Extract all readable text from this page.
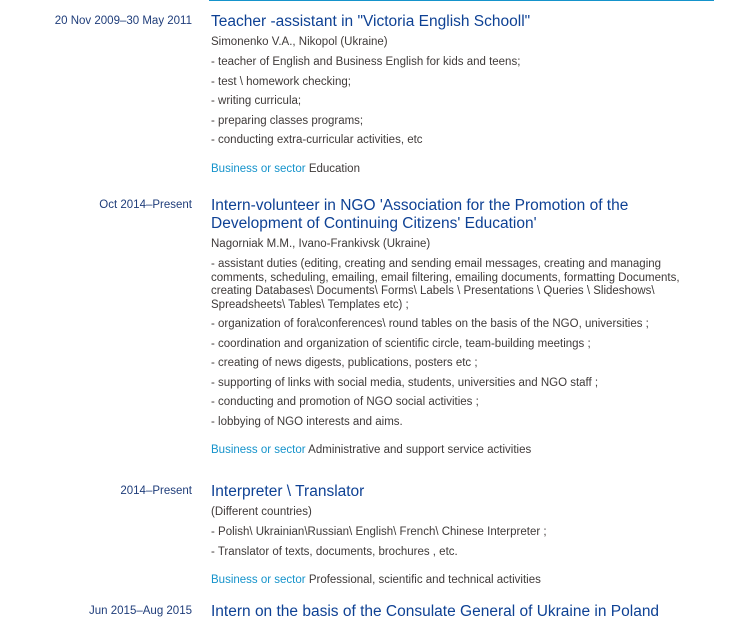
20 Nov 2009–30 May 2011 Teacher -assistant in "Victoria English Schooll"
Simonenko V.A., Nikopol (Ukraine)
- teacher of English and Business English for kids and teens;
- test \ homework checking;
- writing curricula;
- preparing classes programs;
- conducting extra-curricular activities, etc
Business or sector Education
Oct 2014–Present Intern-volunteer in NGO 'Association for the Promotion of the Development of Continuing Citizens' Education'
Nagorniak M.M., Ivano-Frankivsk (Ukraine)
- assistant duties (editing, creating and sending email messages, creating and managing comments, scheduling, emailing, email filtering, emailing documents, formatting Documents, creating Databases\ Documents\ Forms\ Labels \ Presentations \ Queries \ Slideshows\ Spreadsheets\ Tables\ Templates etc) ;
- organization of fora\conferences\ round tables on the basis of the NGO, universities ;
- coordination and organization of scientific circle, team-building meetings ;
- creating of news digests, publications, posters etc ;
- supporting of links with social media, students, universities and NGO staff ;
- conducting and promotion of NGO social activities ;
- lobbying of NGO interests and aims.
Business or sector Administrative and support service activities
2014–Present Interpreter \ Translator
(Different countries)
- Polish\ Ukrainian\Russian\ English\ French\ Chinese Interpreter ;
- Translator of texts, documents, brochures , etc.
Business or sector Professional, scientific and technical activities
Jun 2015–Aug 2015 Intern on the basis of the Consulate General of Ukraine in Poland
